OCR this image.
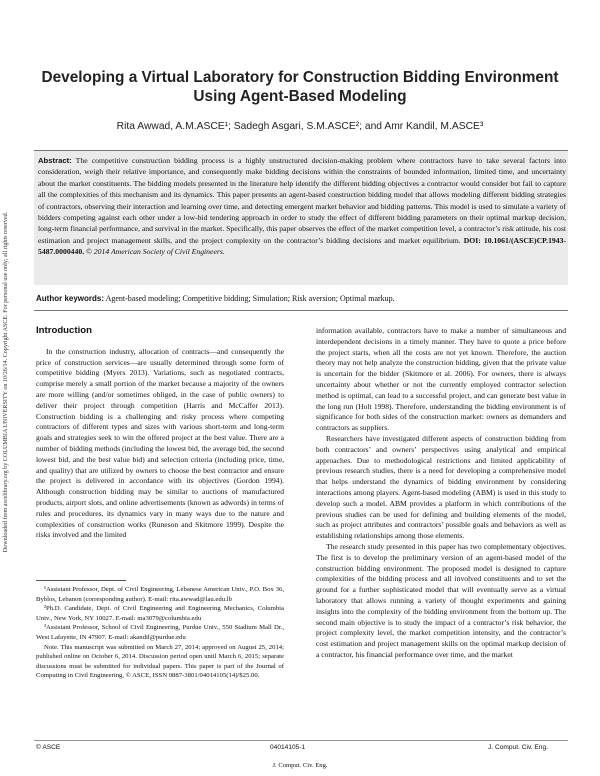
Downloaded from ascelibrary.org by COLUMBIA UNIVERSITY on 10/26/14. Copyright ASCE. For personal use only; all rights reserved.
Developing a Virtual Laboratory for Construction Bidding Environment Using Agent-Based Modeling
Rita Awwad, A.M.ASCE¹; Sadegh Asgari, S.M.ASCE²; and Amr Kandil, M.ASCE³
Abstract: The competitive construction bidding process is a highly unstructured decision-making problem where contractors have to take several factors into consideration, weigh their relative importance, and consequently make bidding decisions within the constraints of bounded information, limited time, and uncertainty about the market constituents. The bidding models presented in the literature help identify the different bidding objectives a contractor would consider but fail to capture all the complexities of this mechanism and its dynamics. This paper presents an agent-based construction bidding model that allows modeling different bidding strategies of contractors, observing their interaction and learning over time, and detecting emergent market behavior and bidding patterns. This model is used to simulate a variety of bidders competing against each other under a low-bid tendering approach in order to study the effect of different bidding parameters on their optimal markup decision, long-term financial performance, and survival in the market. Specifically, this paper observes the effect of the market competition level, a contractor’s risk attitude, his cost estimation and project management skills, and the project complexity on the contractor’s bidding decisions and market equilibrium. DOI: 10.1061/(ASCE)CP.1943-5487.0000440. © 2014 American Society of Civil Engineers.
Author keywords: Agent-based modeling; Competitive bidding; Simulation; Risk aversion; Optimal markup.
Introduction

In the construction industry, allocation of contracts—and consequently the price of construction services—are usually determined through some form of competitive bidding (Myers 2013). Variations, such as negotiated contracts, comprise merely a small portion of the market because a majority of the owners are more willing (and/or sometimes obliged, in the case of public owners) to deliver their project through competition (Harris and McCaffer 2013). Construction bidding is a challenging and risky process where competing contractors of different types and sizes with various short-term and long-term goals and strategies seek to win the offered project at the best value. There are a number of bidding methods (including the lowest bid, the average bid, the second lowest bid, and the best value bid) and selection criteria (including price, time, and quality) that are utilized by owners to choose the best contractor and ensure the project is delivered in accordance with its objectives (Gordon 1994). Although construction bidding may be similar to auctions of manufactured products, airport slots, and online advertisements (known as adwords) in terms of rules and procedures, its dynamics vary in many ways due to the nature and complexities of construction works (Runeson and Skitmore 1999). Despite the risks involved and the limited

¹Assistant Professor, Dept. of Civil Engineering, Lebanese American Univ., P.O. Box 36, Byblos, Lebanon (corresponding author). E-mail: rita.awwad@lau.edu.lb

²Ph.D. Candidate, Dept. of Civil Engineering and Engineering Mechanics, Columbia Univ., New York, NY 10027. E-mail: ma3079@columbia.edu

³Assistant Professor, School of Civil Engineering, Purdue Univ., 550 Stadium Mall Dr., West Lafayette, IN 47907. E-mail: akandil@purdue.edu

Note. This manuscript was submitted on March 27, 2014; approved on August 25, 2014; published online on October 6, 2014. Discussion period open until March 6, 2015; separate discussions must be submitted for individual papers. This paper is part of the Journal of Computing in Civil Engineering, © ASCE, ISSN 0887-3801/04014105(14)/$25.00.

information available, contractors have to make a number of simultaneous and interdependent decisions in a timely manner. They have to quote a price before the project starts, when all the costs are not yet known. Therefore, the auction theory may not help analyze the construction bidding, given that the private value is uncertain for the bidder (Skitmore et al. 2006). For owners, there is always uncertainty about whether or not the currently employed contractor selection method is optimal, can lead to a successful project, and can generate best value in the long run (Holt 1998). Therefore, understanding the bidding environment is of significance for both sides of the construction market: owners as demanders and contractors as suppliers.

Researchers have investigated different aspects of construction bidding from both contractors’ and owners’ perspectives using analytical and empirical approaches. Due to methodological restrictions and limited applicability of previous research studies, there is a need for developing a comprehensive model that helps understand the dynamics of bidding environment by considering interactions among players. Agent-based modeling (ABM) is used in this study to develop such a model. ABM provides a platform in which contributions of the previous studies can be used for defining and building elements of the model, such as project attributes and contractors’ possible goals and behaviors as well as establishing relationships among those elements.

The research study presented in this paper has two complementary objectives. The first is to develop the preliminary version of an agent-based model of the construction bidding environment. The proposed model is designed to capture complexities of the bidding process and all involved constituents and to set the ground for a further sophisticated model that will eventually serve as a virtual laboratory that allows running a variety of thought experiments and gaining insights into the complexity of the bidding environment from the bottom up. The second main objective is to study the impact of a contractor’s risk behavior, the project complexity level, the market competition intensity, and the contractor’s cost estimation and project management skills on the optimal markup decision of a contractor, his financial performance over time, and the market

© ASCE	04014105-1	J. Comput. Civ. Eng.
J. Comput. Civ. Eng.
